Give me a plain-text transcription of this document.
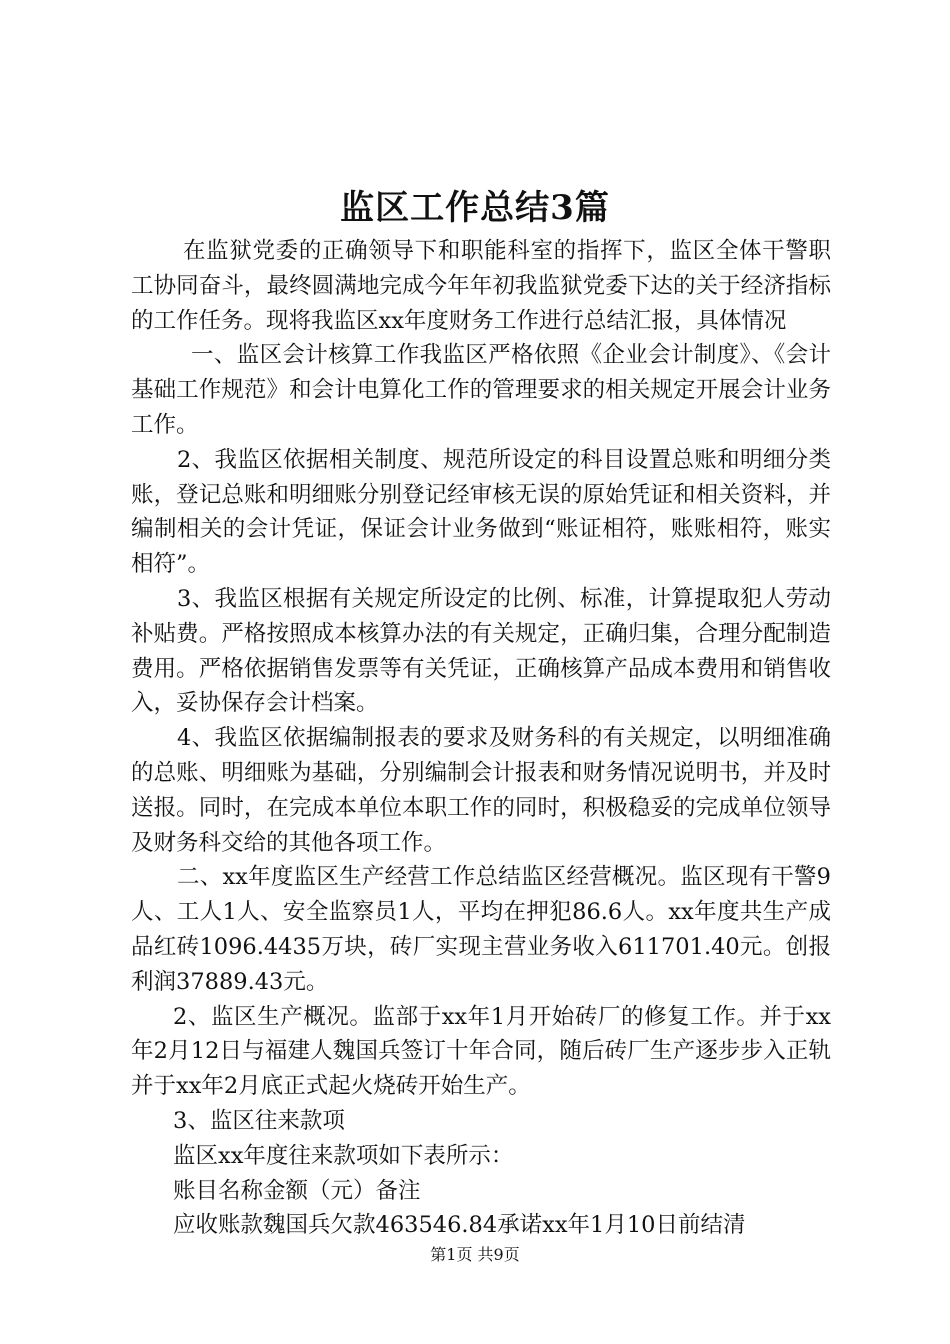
监区工作总结3篇

在监狱党委的正确领导下和职能科室的指挥下，监区全体干警职工协同奋斗，最终圆满地完成今年年初我监狱党委下达的关于经济指标的工作任务。现将我监区xx年度财务工作进行总结汇报，具体情况

一、监区会计核算工作我监区严格依照《企业会计制度》、《会计基础工作规范》和会计电算化工作的管理要求的相关规定开展会计业务工作。

2、我监区依据相关制度、规范所设定的科目设置总账和明细分类账，登记总账和明细账分别登记经审核无误的原始凭证和相关资料，并编制相关的会计凭证，保证会计业务做到“账证相符，账账相符，账实相符”。

3、我监区根据有关规定所设定的比例、标准，计算提取犯人劳动补贴费。严格按照成本核算办法的有关规定，正确归集，合理分配制造费用。严格依据销售发票等有关凭证，正确核算产品成本费用和销售收入，妥协保存会计档案。

4、我监区依据编制报表的要求及财务科的有关规定，以明细准确的总账、明细账为基础，分别编制会计报表和财务情况说明书，并及时送报。同时，在完成本单位本职工作的同时，积极稳妥的完成单位领导及财务科交给的其他各项工作。

二、xx年度监区生产经营工作总结监区经营概况。监区现有干警9人、工人1人、安全监察员1人，平均在押犯86.6人。xx年度共生产成品红砖1096.4435万块，砖厂实现主营业务收入611701.40元。创报利润37889.43元。

2、监区生产概况。监部于xx年1月开始砖厂的修复工作。并于xx年2月12日与福建人魏国兵签订十年合同，随后砖厂生产逐步步入正轨并于xx年2月底正式起火烧砖开始生产。

3、监区往来款项

监区xx年度往来款项如下表所示：

账目名称金额（元）备注

应收账款魏国兵欠款463546.84承诺xx年1月10日前结清

第1页 共9页
